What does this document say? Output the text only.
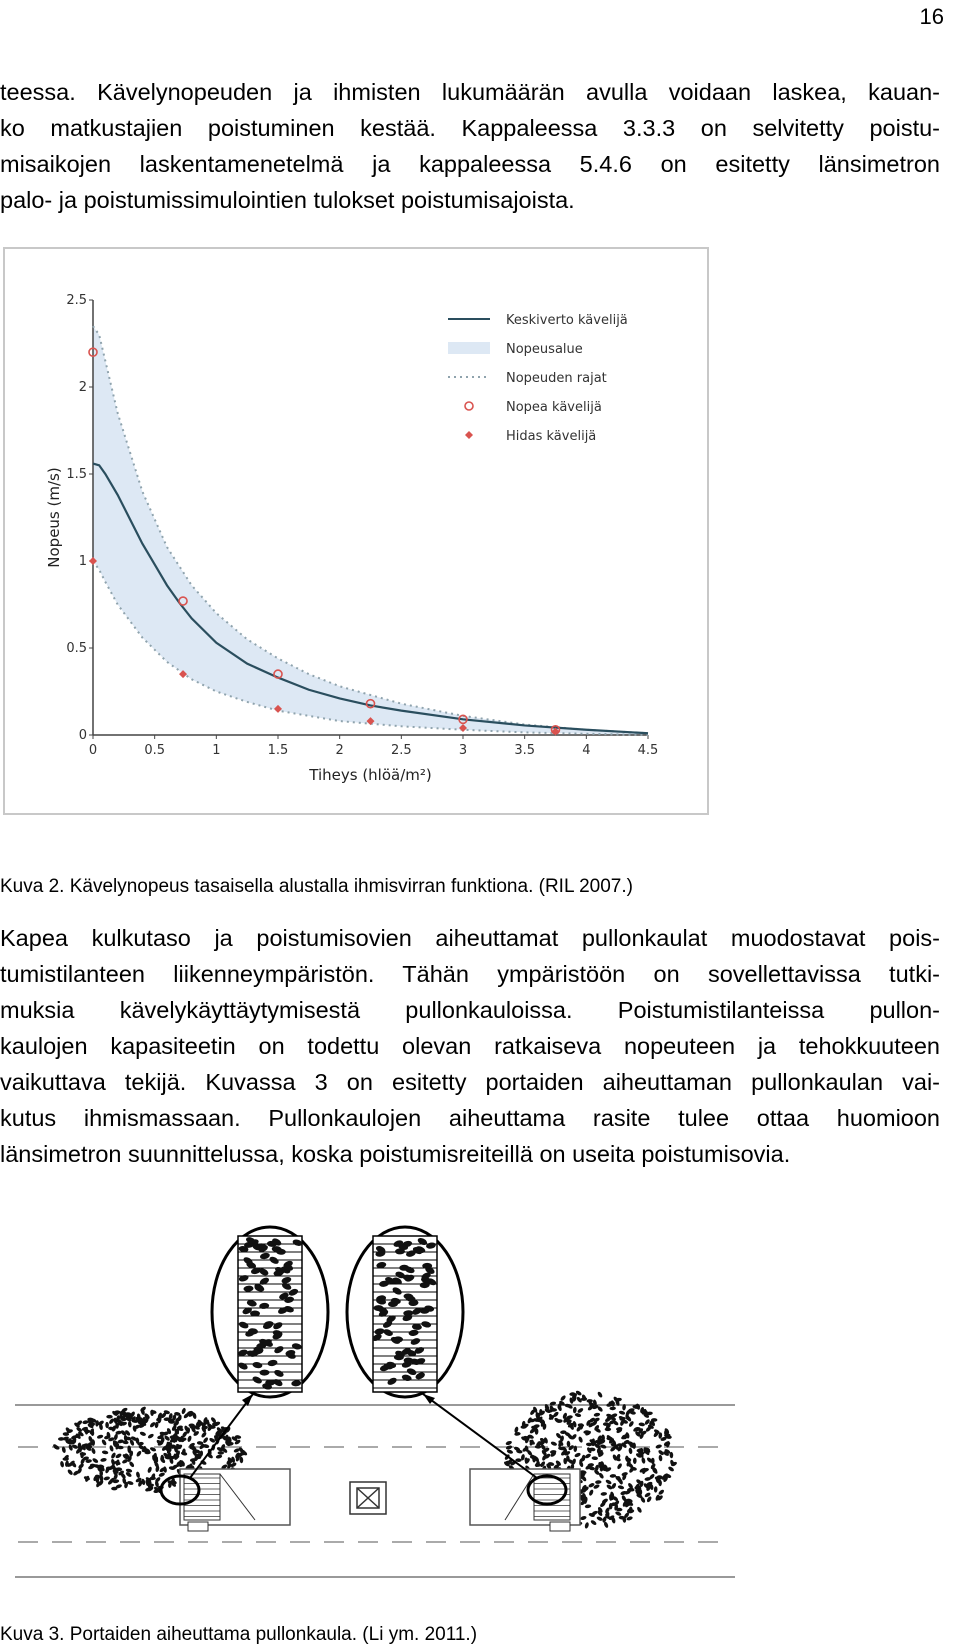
16
teessa. Kävelynopeuden ja ihmisten lukumäärän avulla voidaan laskea, kauan-
ko matkustajien poistuminen kestää. Kappaleessa 3.3.3 on selvitetty poistu-
misaikojen laskentamenetelmä ja kappaleessa 5.4.6 on esitetty länsimetron
palo- ja poistumissimulointien tulokset poistumisajoista.
0	0.5	1	1.5	2	2.5	3	3.5	4	4.5
0
0.5
1
1.5
2
2.5
Tiheys (hlöä/m²)
Nopeus (m/s)
Keskiverto kävelijä
Nopeusalue
Nopeuden rajat
Nopea kävelijä
Hidas kävelijä
Kuva 2. Kävelynopeus tasaisella alustalla ihmisvirran funktiona. (RIL 2007.)
Kapea kulkutaso ja poistumisovien aiheuttamat pullonkaulat muodostavat pois-
tumistilanteen liikenneympäristön. Tähän ympäristöön on sovellettavissa tutki-
muksia kävelykäyttäytymisestä pullonkauloissa. Poistumistilanteissa pullon-
kaulojen kapasiteetin on todettu olevan ratkaiseva nopeuteen ja tehokkuuteen
vaikuttava tekijä. Kuvassa 3 on esitetty portaiden aiheuttaman pullonkaulan vai-
kutus ihmismassaan. Pullonkaulojen aiheuttama rasite tulee ottaa huomioon
länsimetron suunnittelussa, koska poistumisreiteillä on useita poistumisovia.
Kuva 3. Portaiden aiheuttama pullonkaula. (Li ym. 2011.)
